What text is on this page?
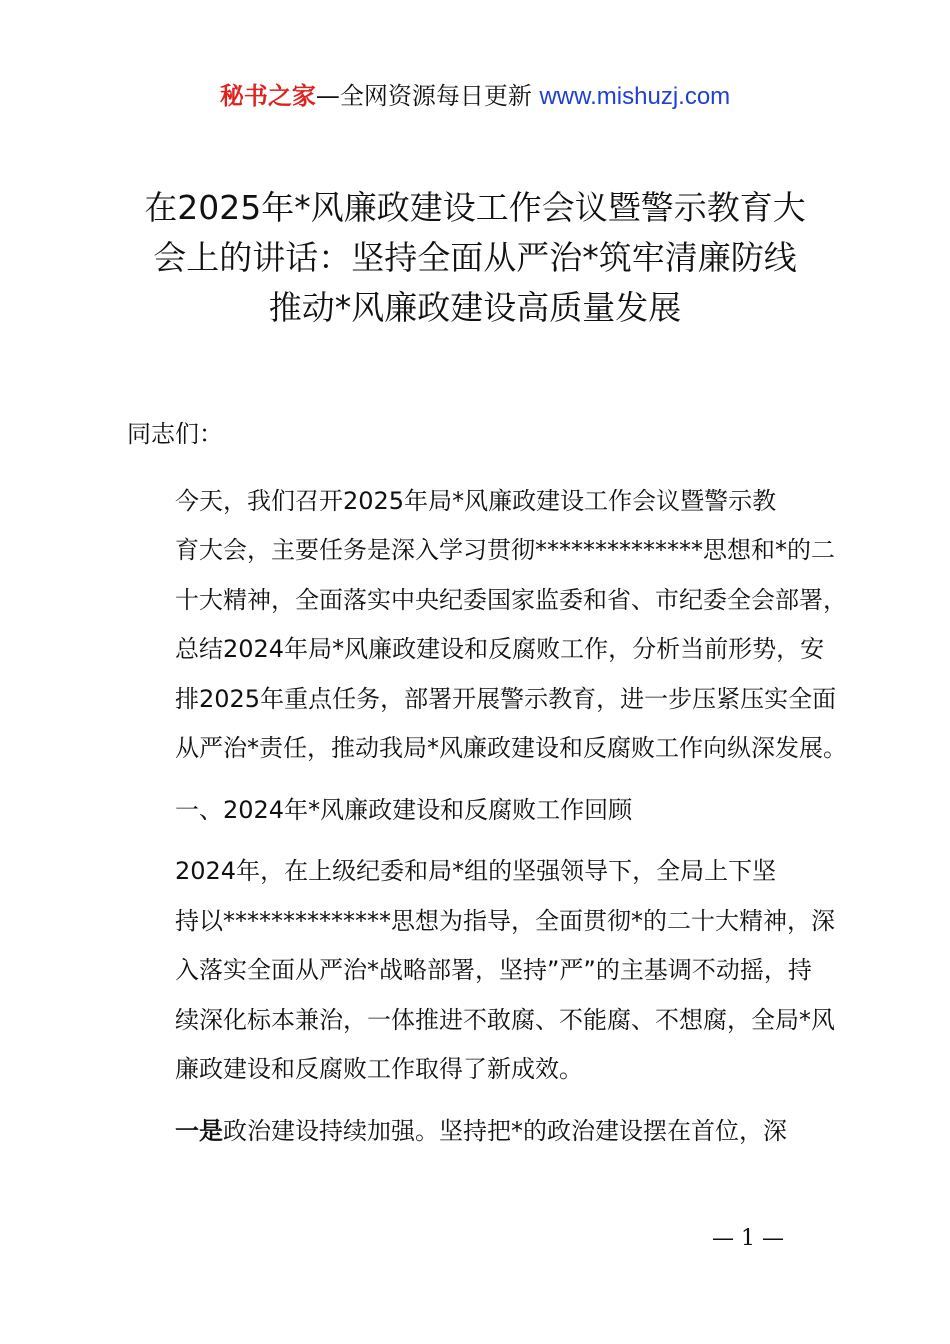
秘书之家—全网资源每日更新 www.mishuzj.com
在2025年*风廉政建设工作会议暨警示教育大
会上的讲话：坚持全面从严治*筑牢清廉防线
推动*风廉政建设高质量发展

同志们：

今天，我们召开2025年局*风廉政建设工作会议暨警示教
育大会，主要任务是深入学习贯彻**************思想和*的二
十大精神，全面落实中央纪委国家监委和省、市纪委全会部署，
总结2024年局*风廉政建设和反腐败工作，分析当前形势，安
排2025年重点任务，部署开展警示教育，进一步压紧压实全面
从严治*责任，推动我局*风廉政建设和反腐败工作向纵深发展。

一、2024年*风廉政建设和反腐败工作回顾

2024年，在上级纪委和局*组的坚强领导下，全局上下坚
持以**************思想为指导，全面贯彻*的二十大精神，深
入落实全面从严治*战略部署，坚持”严”的主基调不动摇，持
续深化标本兼治，一体推进不敢腐、不能腐、不想腐，全局*风
廉政建设和反腐败工作取得了新成效。

一是政治建设持续加强。坚持把*的政治建设摆在首位，深

— 1 —
